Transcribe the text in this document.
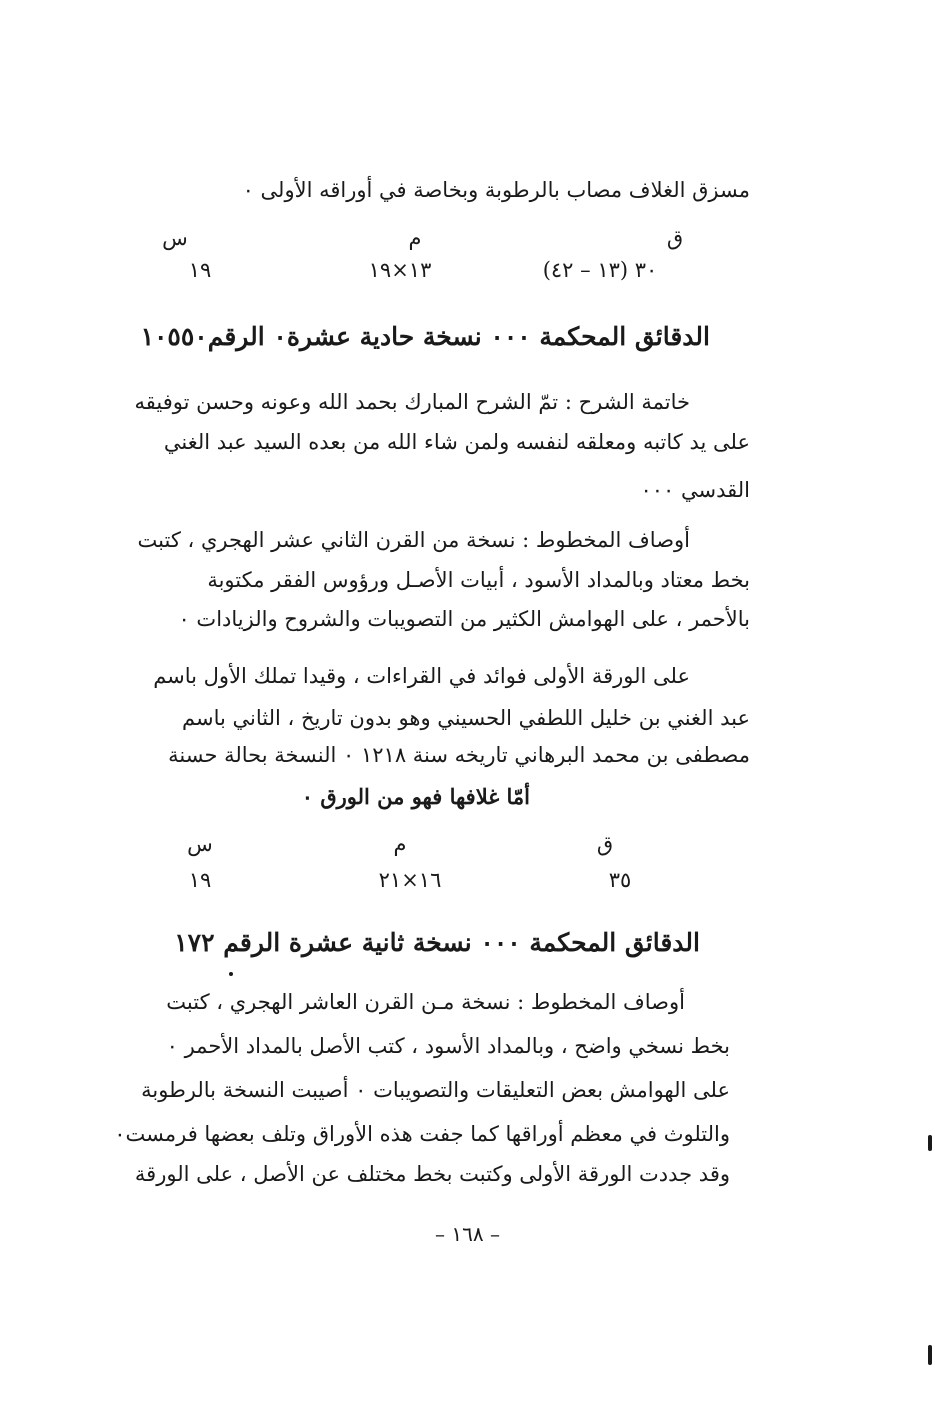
مسزق الغلاف مصاب بالرطوبة وبخاصة في أوراقه الأولى ٠
ق
م
س
٣٠ (١٣ – ٤٢)
١٣×١٩
١٩
الدقائق المحكمة ٠٠٠ نسخة حادية عشرة٠ الرقم١٠٥٥٠
خاتمة الشرح : تمّ الشرح المبارك بحمد الله وعونه وحسن توفيقه
على يد كاتبه ومعلقه لنفسه ولمن شاء الله من بعده السيد عبد الغني
القدسي ٠٠٠
أوصاف المخطوط : نسخة من القرن الثاني عشر الهجري ، كتبت
بخط معتاد وبالمداد الأسود ، أبيات الأصـل ورؤوس الفقر مكتوبة
بالأحمر ، على الهوامش الكثير من التصويبات والشروح والزيادات ٠
على الورقة الأولى فوائد في القراءات ، وقيدا تملك الأول باسم
عبد الغني بن خليل اللطفي الحسيني وهو بدون تاريخ ، الثاني باسم
مصطفى بن محمد البرهاني تاريخه سنة ١٢١٨ ٠ النسخة بحالة حسنة
أمّا غلافها فهو من الورق ٠
ق
م
س
٣٥
١٦×٢١
١٩
الدقائق المحكمة ٠٠٠ نسخة ثانية عشرة الرقم ١٧٢
أوصاف المخطوط : نسخة مـن القرن العاشر الهجري ، كتبت
بخط نسخي واضح ، وبالمداد الأسود ، كتب الأصل بالمداد الأحمر ٠
على الهوامش بعض التعليقات والتصويبات ٠ أصيبت النسخة بالرطوبة
والتلوث في معظم أوراقها كما جفت هذه الأوراق وتلف بعضها فرمست٠
وقد جددت الورقة الأولى وكتبت بخط مختلف عن الأصل ، على الورقة
– ١٦٨ –
